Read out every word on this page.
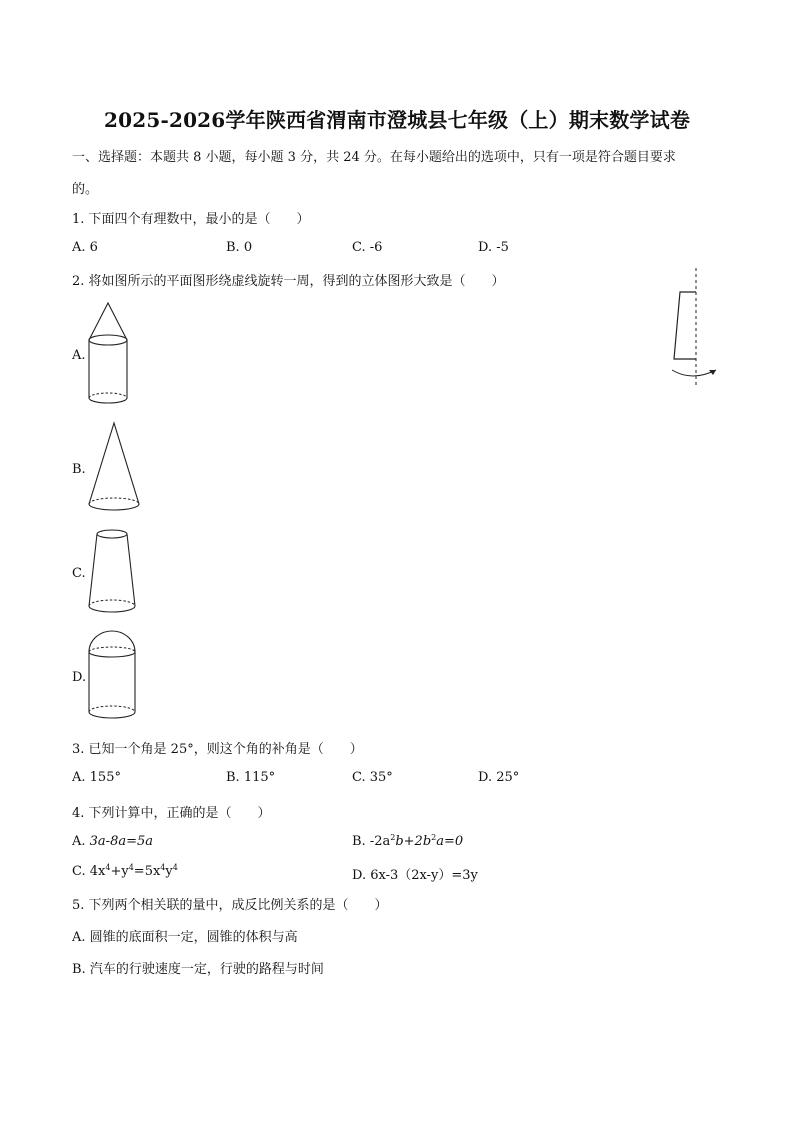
2025-2026学年陕西省渭南市澄城县七年级（上）期末数学试卷
一、选择题：本题共 8 小题，每小题 3 分，共 24 分。在每小题给出的选项中，只有一项是符合题目要求
的。
1. 下面四个有理数中，最小的是（　　）
A. 6	B. 0	C. -6	D. -5
2. 将如图所示的平面图形绕虚线旋转一周，得到的立体图形大致是（　　）
A.
B.
C.
D.
3. 已知一个角是 25°，则这个角的补角是（　　）
A. 155°	B. 115°	C. 35°	D. 25°
4. 下列计算中，正确的是（　　）
A. 3a-8a=5a	B. $-2a^2b+2b^2a=0$
C. $4x^4+y^4=5x^4y^4$
D. 6x-3（2x-y）=3y
5. 下列两个相关联的量中，成反比例关系的是（　　）
A. 圆锥的底面积一定，圆锥的体积与高
B. 汽车的行驶速度一定，行驶的路程与时间
